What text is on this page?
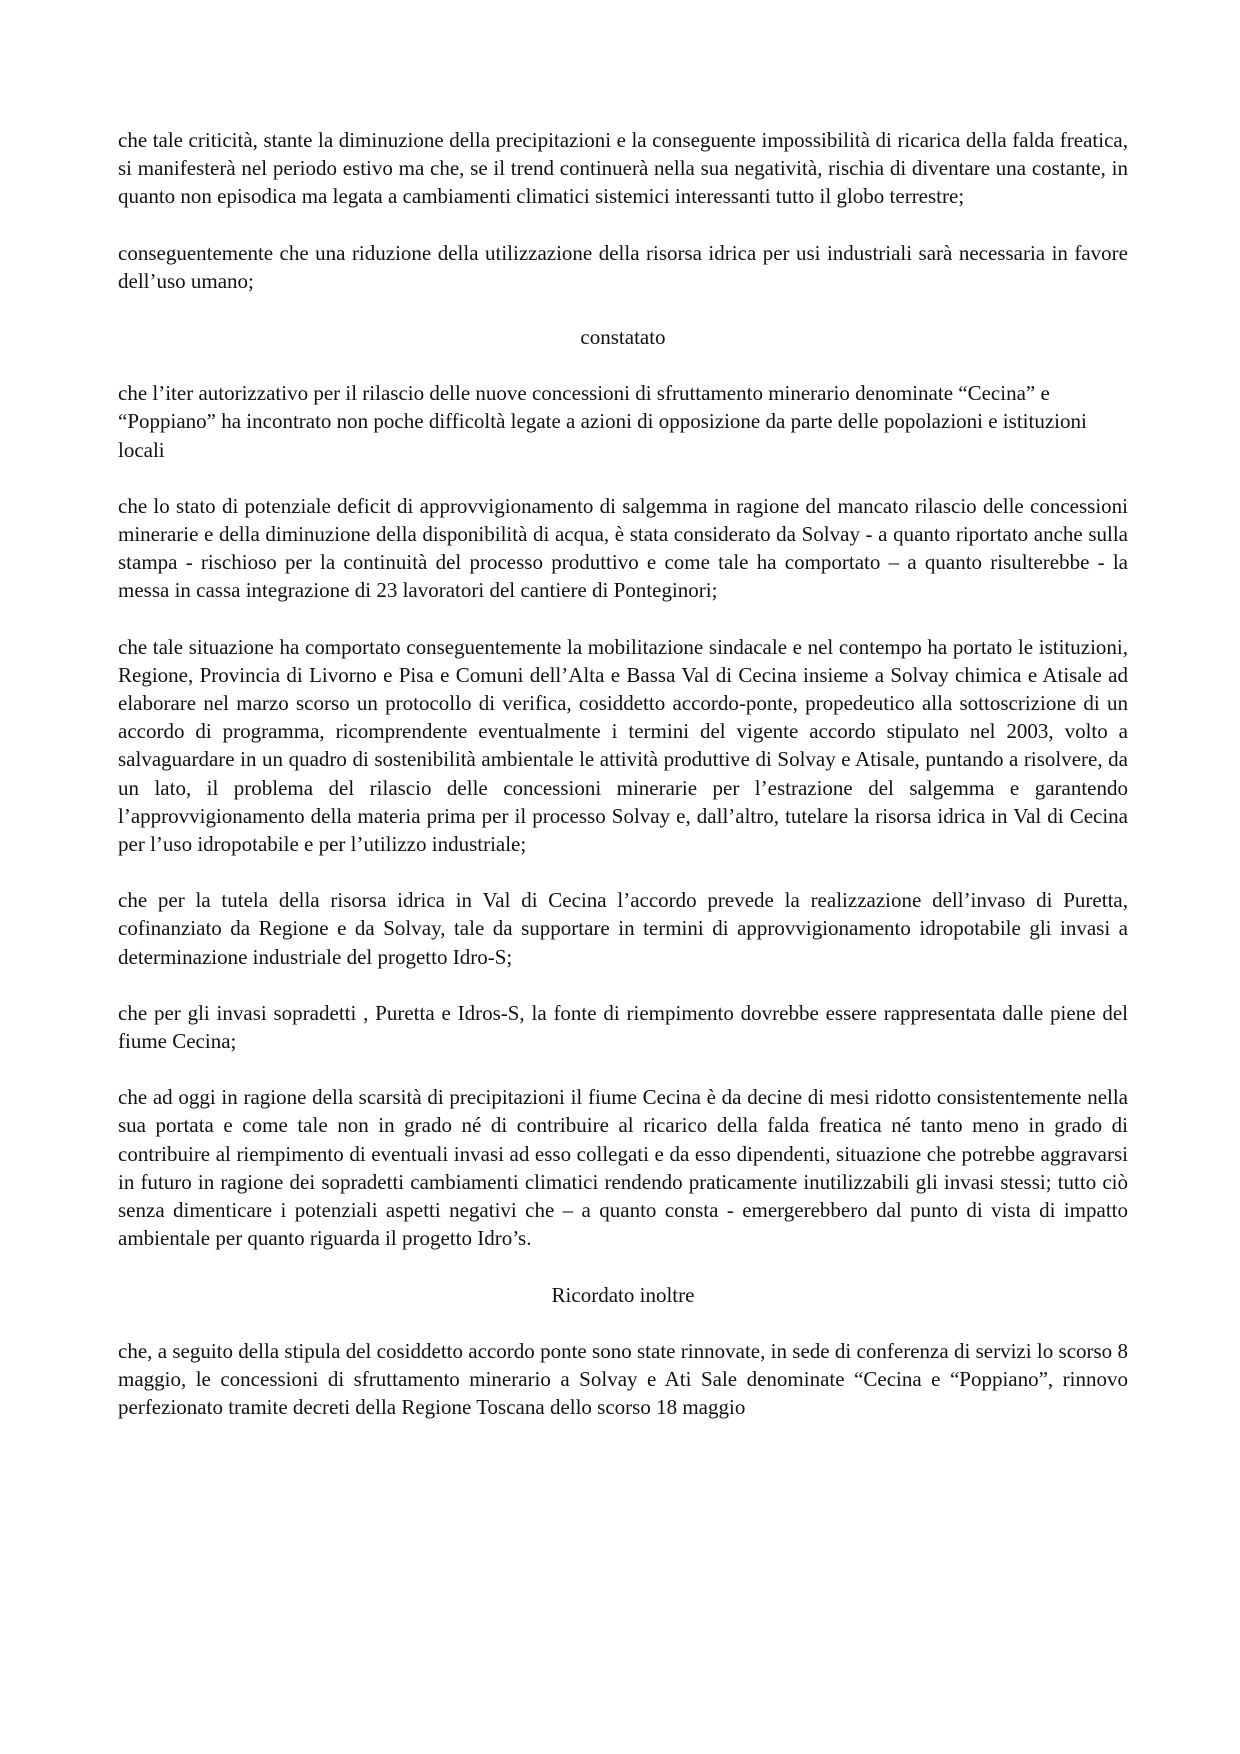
che tale criticità, stante la diminuzione della precipitazioni e la conseguente impossibilità di ricarica della falda freatica, si manifesterà nel periodo estivo ma che, se il trend continuerà nella sua negatività, rischia di diventare una costante, in quanto non episodica ma legata a cambiamenti climatici sistemici interessanti tutto il globo terrestre;

conseguentemente che una riduzione della utilizzazione della risorsa idrica per usi industriali sarà necessaria in favore dell’uso umano;

constatato

che l’iter autorizzativo per il rilascio delle nuove concessioni di sfruttamento minerario denominate “Cecina” e “Poppiano” ha incontrato non poche difficoltà legate a azioni di opposizione da parte delle popolazioni e istituzioni locali

che lo stato di potenziale deficit di approvvigionamento di salgemma in ragione del mancato rilascio delle concessioni minerarie e della diminuzione della disponibilità di acqua, è stata considerato da Solvay - a quanto riportato anche sulla stampa - rischioso per la continuità del processo produttivo e come tale ha comportato – a quanto risulterebbe - la messa in cassa integrazione di 23 lavoratori del cantiere di Ponteginori;

che tale situazione ha comportato conseguentemente la mobilitazione sindacale e nel contempo ha portato le istituzioni, Regione, Provincia di Livorno e Pisa e Comuni dell’Alta e Bassa Val di Cecina insieme a Solvay chimica e Atisale ad elaborare nel marzo scorso un protocollo di verifica, cosiddetto accordo-ponte, propedeutico alla sottoscrizione di un accordo di programma, ricomprendente eventualmente i termini del vigente accordo stipulato nel 2003, volto a salvaguardare in un quadro di sostenibilità ambientale le attività produttive di Solvay e Atisale, puntando a risolvere, da un lato, il problema del rilascio delle concessioni minerarie per l’estrazione del salgemma e garantendo l’approvvigionamento della materia prima per il processo Solvay e, dall’altro, tutelare la risorsa idrica in Val di Cecina per l’uso idropotabile e per l’utilizzo industriale;

che per la tutela della risorsa idrica in Val di Cecina l’accordo prevede la realizzazione dell’invaso di Puretta, cofinanziato da Regione e da Solvay, tale da supportare in termini di approvvigionamento idropotabile gli invasi a determinazione industriale del progetto Idro-S;

che per gli invasi sopradetti , Puretta e Idros-S, la fonte di riempimento dovrebbe essere rappresentata dalle piene del fiume Cecina;

che ad oggi in ragione della scarsità di precipitazioni il fiume Cecina è da decine di mesi ridotto consistentemente nella sua portata e come tale non in grado né di contribuire al ricarico della falda freatica né tanto meno in grado di contribuire al riempimento di eventuali invasi ad esso collegati e da esso dipendenti, situazione che potrebbe aggravarsi in futuro in ragione dei sopradetti cambiamenti climatici rendendo praticamente inutilizzabili gli invasi stessi; tutto ciò senza dimenticare i potenziali aspetti negativi che – a quanto consta - emergerebbero dal punto di vista di impatto ambientale per quanto riguarda il progetto Idro’s.

Ricordato inoltre

che, a seguito della stipula del cosiddetto accordo ponte sono state rinnovate, in sede di conferenza di servizi lo scorso 8 maggio, le concessioni di sfruttamento minerario a Solvay e Ati Sale denominate “Cecina e “Poppiano”, rinnovo perfezionato tramite decreti della Regione Toscana dello scorso 18 maggio
